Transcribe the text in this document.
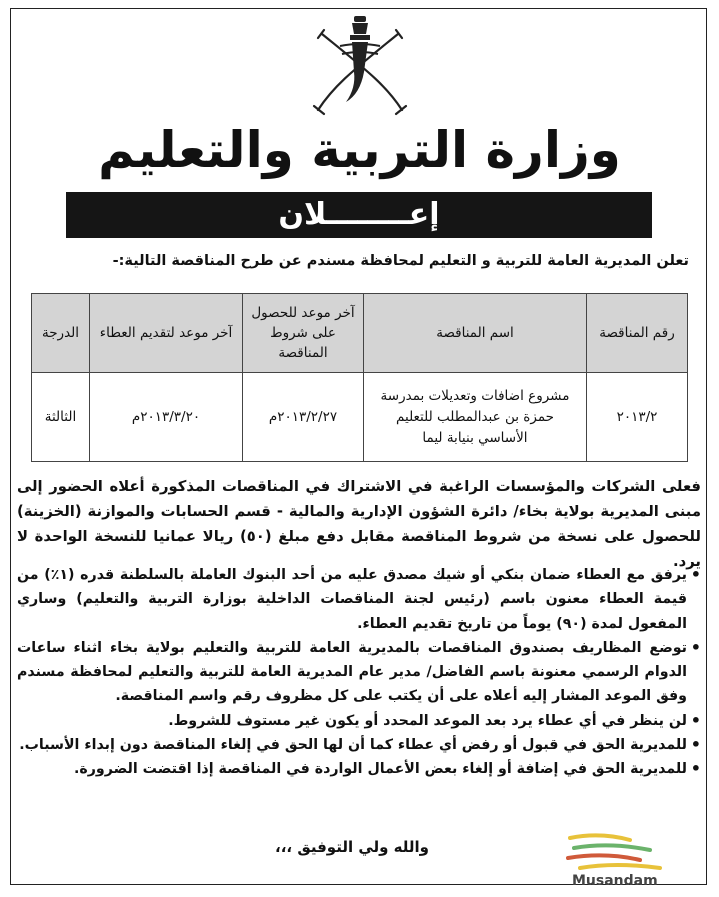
وزارة التربية والتعليم
إعــــــــلان
تعلن المديرية العامة للتربية و التعليم لمحافظة مسندم عن طرح المناقصة التالية:-
رقم المناقصة	اسم المناقصة	آخر موعد للحصول على شروط المناقصة	آخر موعد لتقديم العطاء	الدرجة
٢٠١٣/٢	مشروع اضافات وتعديلات بمدرسة حمزة بن عبدالمطلب للتعليم الأساسي بنيابة ليما	٢٠١٣/٢/٢٧م	٢٠١٣/٣/٢٠م	الثالثة
فعلى الشركات والمؤسسات الراغبة في الاشتراك في المناقصات المذكورة أعلاه الحضور إلى مبنى المديرية بولاية بخاء/ دائرة الشؤون الإدارية والمالية - قسم الحسابات والموازنة (الخزينة) للحصول على نسخة من شروط المناقصة مقابل دفع مبلغ (٥٠) ريالا عمانيا للنسخة الواحدة لا يرد.
• يرفق مع العطاء ضمان بنكي أو شيك مصدق عليه من أحد البنوك العاملة بالسلطنة قدره (١٪) من قيمة العطاء معنون باسم (رئيس لجنة المناقصات الداخلية بوزارة التربية والتعليم) وساري المفعول لمدة (٩٠) يوماً من تاريخ تقديم العطاء.
• توضع المظاريف بصندوق المناقصات بالمديرية العامة للتربية والتعليم بولاية بخاء اثناء ساعات الدوام الرسمي معنونة باسم الفاضل/ مدير عام المديرية العامة للتربية والتعليم لمحافظة مسندم وفق الموعد المشار إليه أعلاه على أن يكتب على كل مظروف رقم واسم المناقصة.
• لن ينظر في أي عطاء يرد بعد الموعد المحدد أو يكون غير مستوف للشروط.
• للمديرية الحق في قبول أو رفض أي عطاء كما أن لها الحق في إلغاء المناقصة دون إبداء الأسباب.
• للمديرية الحق في إضافة أو إلغاء بعض الأعمال الواردة في المناقصة إذا اقتضت الضرورة.
والله ولي التوفيق ،،،
Musandam
